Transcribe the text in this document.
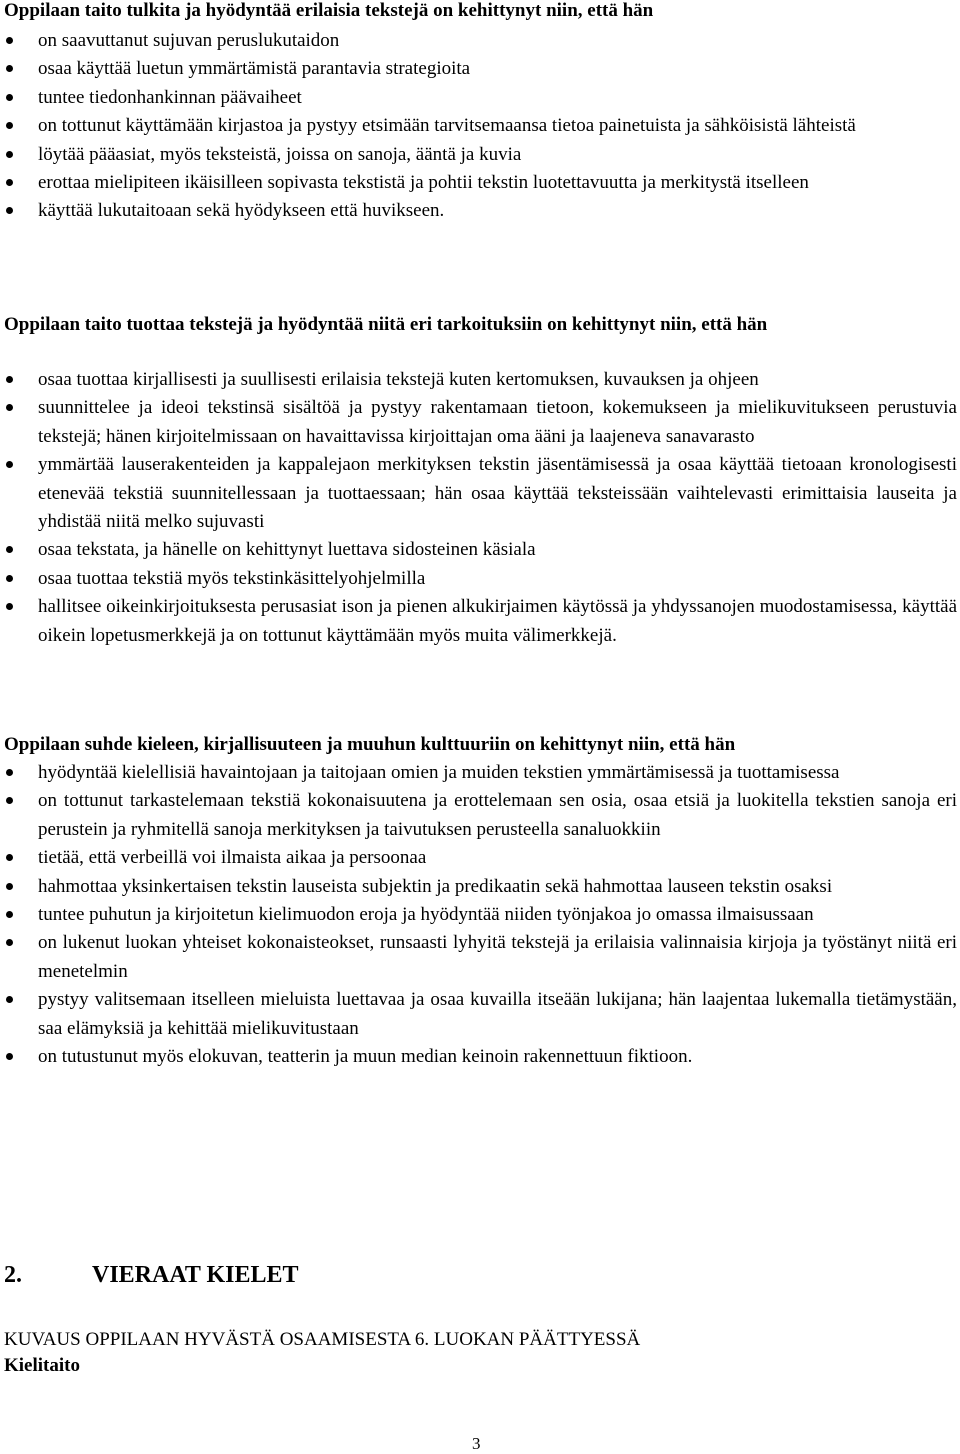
Oppilaan taito tulkita ja hyödyntää erilaisia tekstejä on kehittynyt niin, että hän
on saavuttanut sujuvan peruslukutaidon
osaa käyttää luetun ymmärtämistä parantavia strategioita
tuntee tiedonhankinnan päävaiheet
on tottunut käyttämään kirjastoa ja pystyy etsimään tarvitsemaansa tietoa painetuista ja sähköisistä lähteistä
löytää pääasiat, myös teksteistä, joissa on sanoja, ääntä ja kuvia
erottaa mielipiteen ikäisilleen sopivasta tekstistä ja pohtii tekstin luotettavuutta ja merkitystä itselleen
käyttää lukutaitoaan sekä hyödykseen että huvikseen.
Oppilaan taito tuottaa tekstejä ja hyödyntää niitä eri tarkoituksiin on kehittynyt niin, että hän
osaa tuottaa kirjallisesti ja suullisesti erilaisia tekstejä kuten kertomuksen, kuvauksen ja ohjeen
suunnittelee ja ideoi tekstinsä sisältöä ja pystyy rakentamaan tietoon, kokemukseen ja mielikuvitukseen perustuvia tekstejä; hänen kirjoitelmissaan on havaittavissa kirjoittajan oma ääni ja laajeneva sanavarasto
ymmärtää lauserakenteiden ja kappalejaon merkityksen tekstin jäsentämisessä ja osaa käyttää tietoaan kronologisesti etenevää tekstiä suunnitellessaan ja tuottaessaan; hän osaa käyttää teksteissään vaihtelevasti erimittaisia lauseita ja yhdistää niitä melko sujuvasti
osaa tekstata, ja hänelle on kehittynyt luettava sidosteinen käsiala
osaa tuottaa tekstiä myös tekstinkäsittelyohjelmilla
hallitsee oikeinkirjoituksesta perusasiat ison ja pienen alkukirjaimen käytössä ja yhdyssanojen muodostamisessa, käyttää oikein lopetusmerkkejä ja on tottunut käyttämään myös muita välimerkkejä.
Oppilaan suhde kieleen, kirjallisuuteen ja muuhun kulttuuriin on kehittynyt niin, että hän
hyödyntää kielellisiä havaintojaan ja taitojaan omien ja muiden tekstien ymmärtämisessä ja tuottamisessa
on tottunut tarkastelemaan tekstiä kokonaisuutena ja erottelemaan sen osia, osaa etsiä ja luokitella tekstien sanoja eri perustein ja ryhmitellä sanoja merkityksen ja taivutuksen perusteella sanaluokkiin
tietää, että verbeillä voi ilmaista aikaa ja persoonaa
hahmottaa yksinkertaisen tekstin lauseista subjektin ja predikaatin sekä hahmottaa lauseen tekstin osaksi
tuntee puhutun ja kirjoitetun kielimuodon eroja ja hyödyntää niiden työnjakoa jo omassa ilmaisussaan
on lukenut luokan yhteiset kokonaisteokset, runsaasti lyhyitä tekstejä ja erilaisia valinnaisia kirjoja ja työstänyt niitä eri menetelmin
pystyy valitsemaan itselleen mieluista luettavaa ja osaa kuvailla itseään lukijana; hän laajentaa lukemalla tietämystään, saa elämyksiä ja kehittää mielikuvitustaan
on tutustunut myös elokuvan, teatterin ja muun median keinoin rakennettuun fiktioon.
2.	VIERAAT KIELET
KUVAUS OPPILAAN HYVÄSTÄ OSAAMISESTA 6. LUOKAN PÄÄTTYESSÄ
Kielitaito
3
